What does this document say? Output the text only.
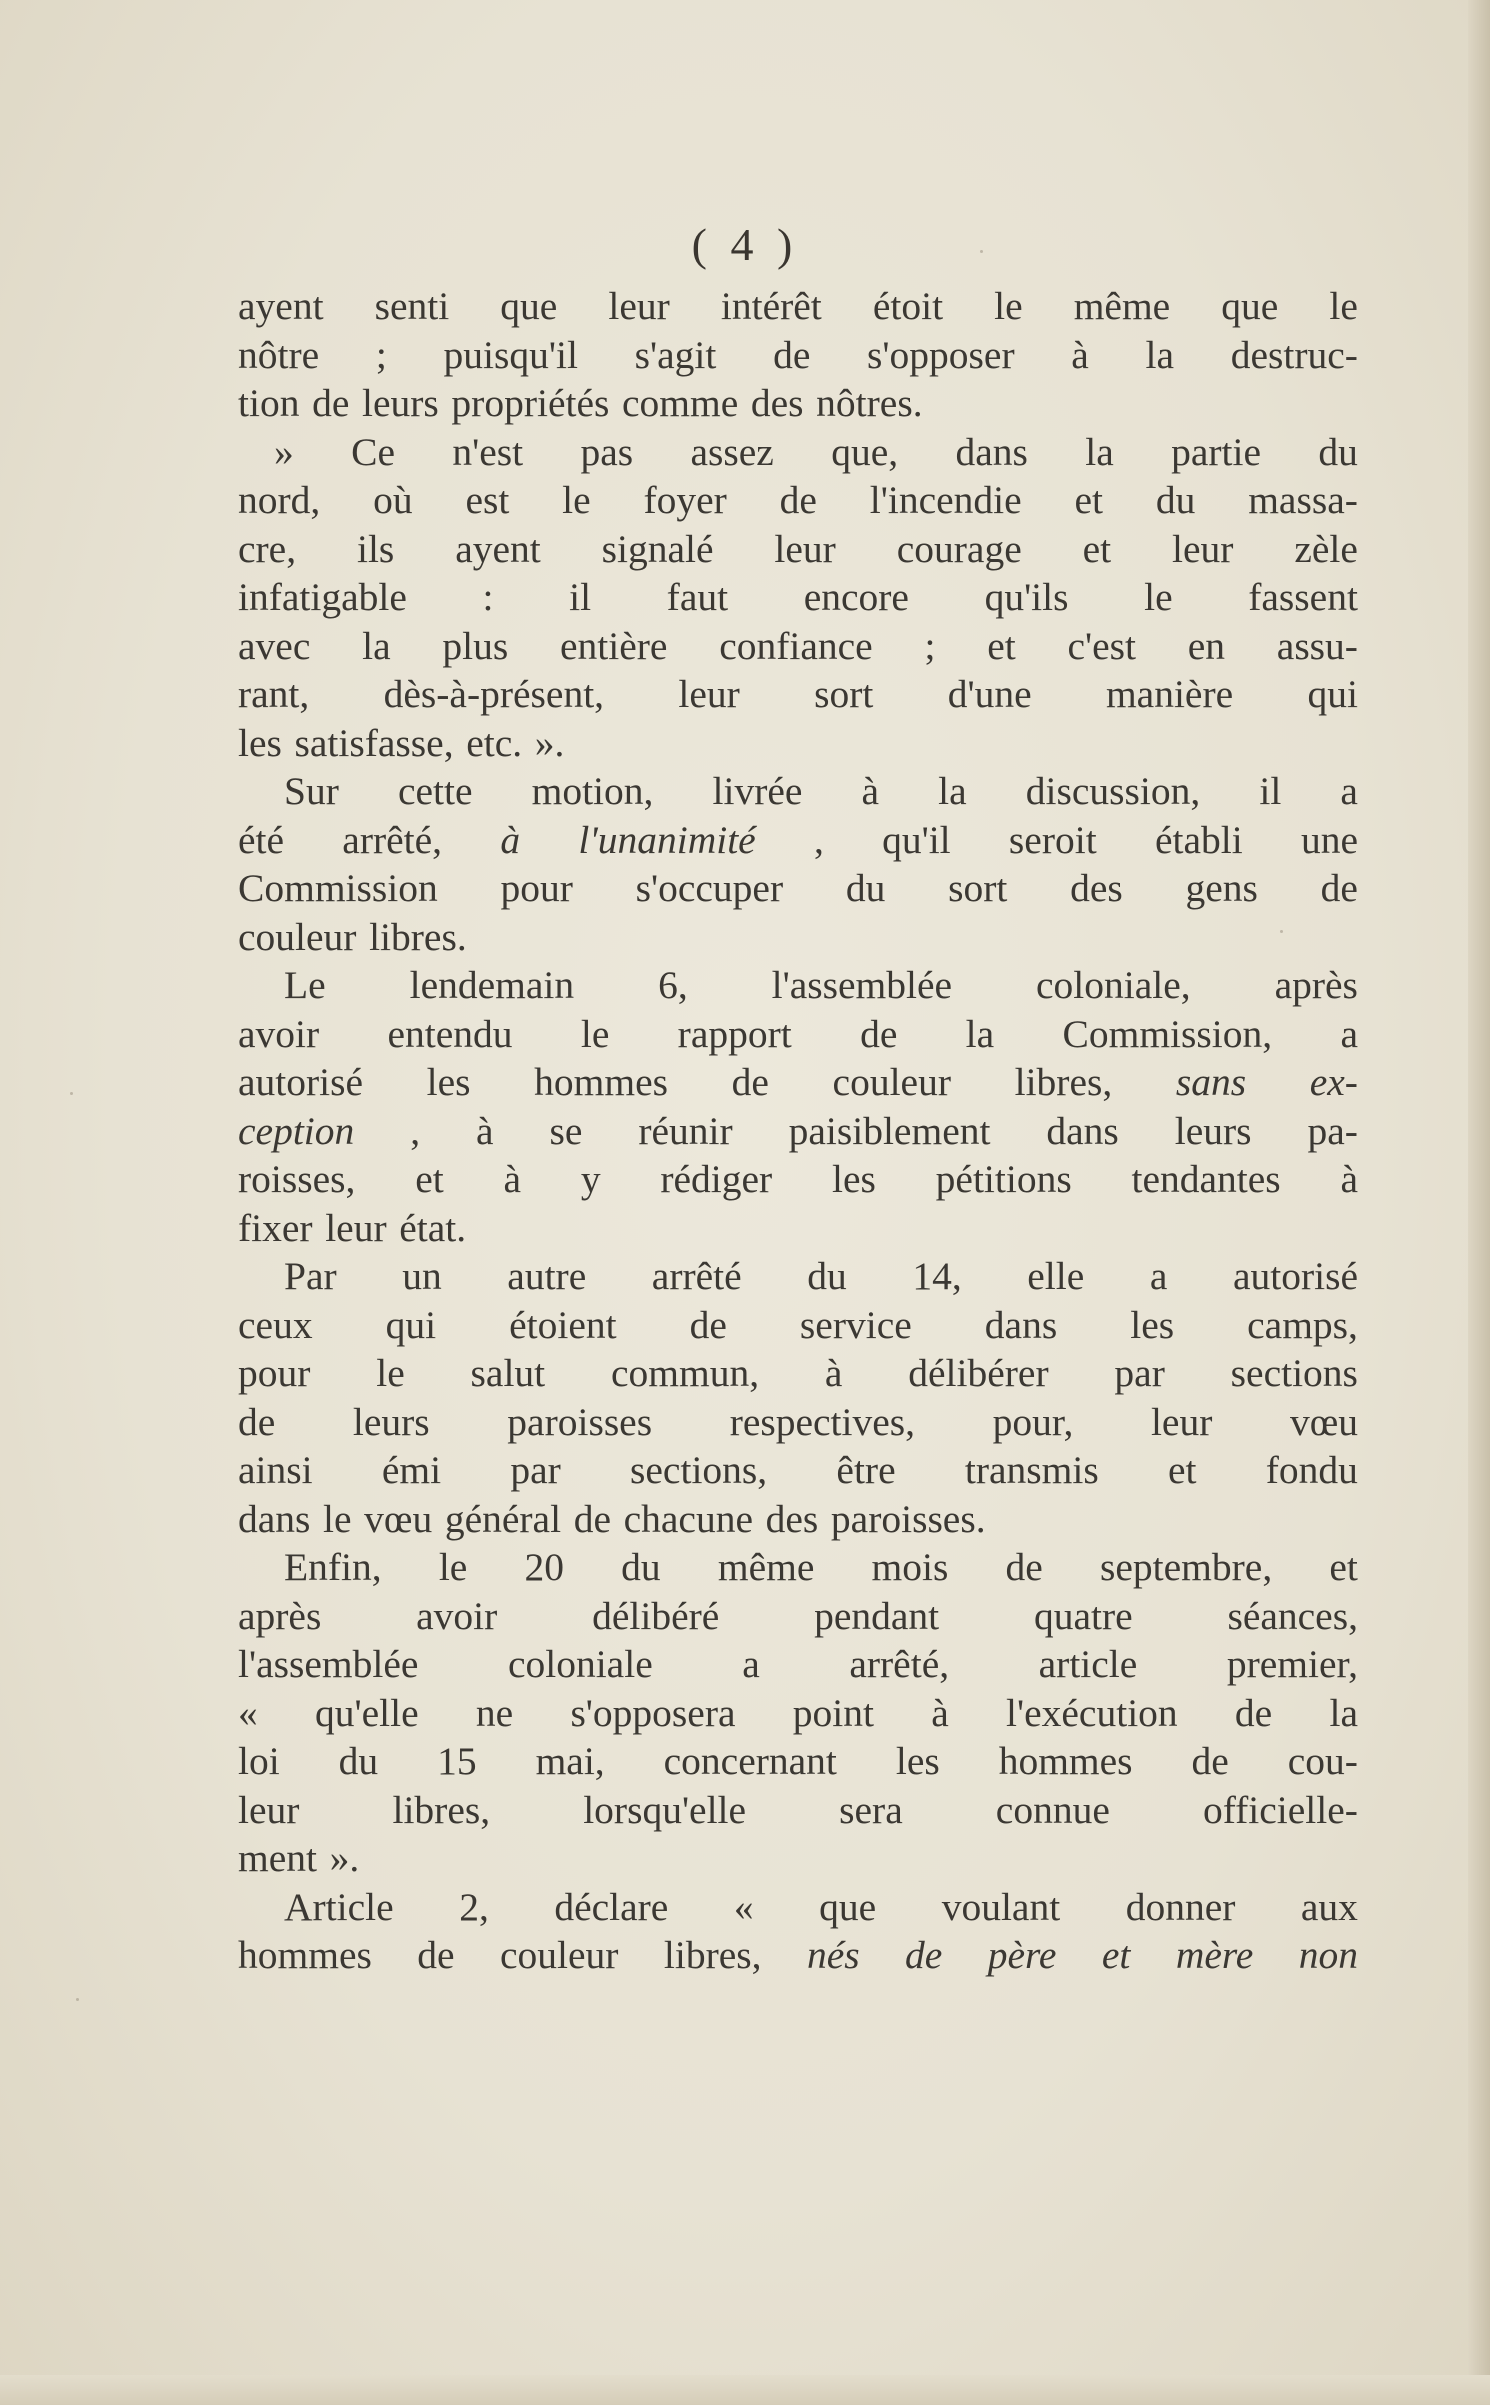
( 4 )
ayent senti que leur intérêt étoit le même que le
nôtre ; puisqu'il s'agit de s'opposer à la destruc-
tion de leurs propriétés comme des nôtres.
» Ce n'est pas assez que, dans la partie du
nord, où est le foyer de l'incendie et du massa-
cre, ils ayent signalé leur courage et leur zèle
infatigable : il faut encore qu'ils le fassent
avec la plus entière confiance ; et c'est en assu-
rant, dès-à-présent, leur sort d'une manière qui
les satisfasse, etc. ».
Sur cette motion, livrée à la discussion, il a
été arrêté, à l'unanimité , qu'il seroit établi une
Commission pour s'occuper du sort des gens de
couleur libres.
Le lendemain 6, l'assemblée coloniale, après
avoir entendu le rapport de la Commission, a
autorisé les hommes de couleur libres, sans ex-
ception , à se réunir paisiblement dans leurs pa-
roisses, et à y rédiger les pétitions tendantes à
fixer leur état.
Par un autre arrêté du 14, elle a autorisé
ceux qui étoient de service dans les camps,
pour le salut commun, à délibérer par sections
de leurs paroisses respectives, pour, leur vœu
ainsi émi par sections, être transmis et fondu
dans le vœu général de chacune des paroisses.
Enfin, le 20 du même mois de septembre, et
après avoir délibéré pendant quatre séances,
l'assemblée coloniale a arrêté, article premier,
« qu'elle ne s'opposera point à l'exécution de la
loi du 15 mai, concernant les hommes de cou-
leur libres, lorsqu'elle sera connue officielle-
ment ».
Article 2, déclare « que voulant donner aux
hommes de couleur libres, nés de père et mère non
